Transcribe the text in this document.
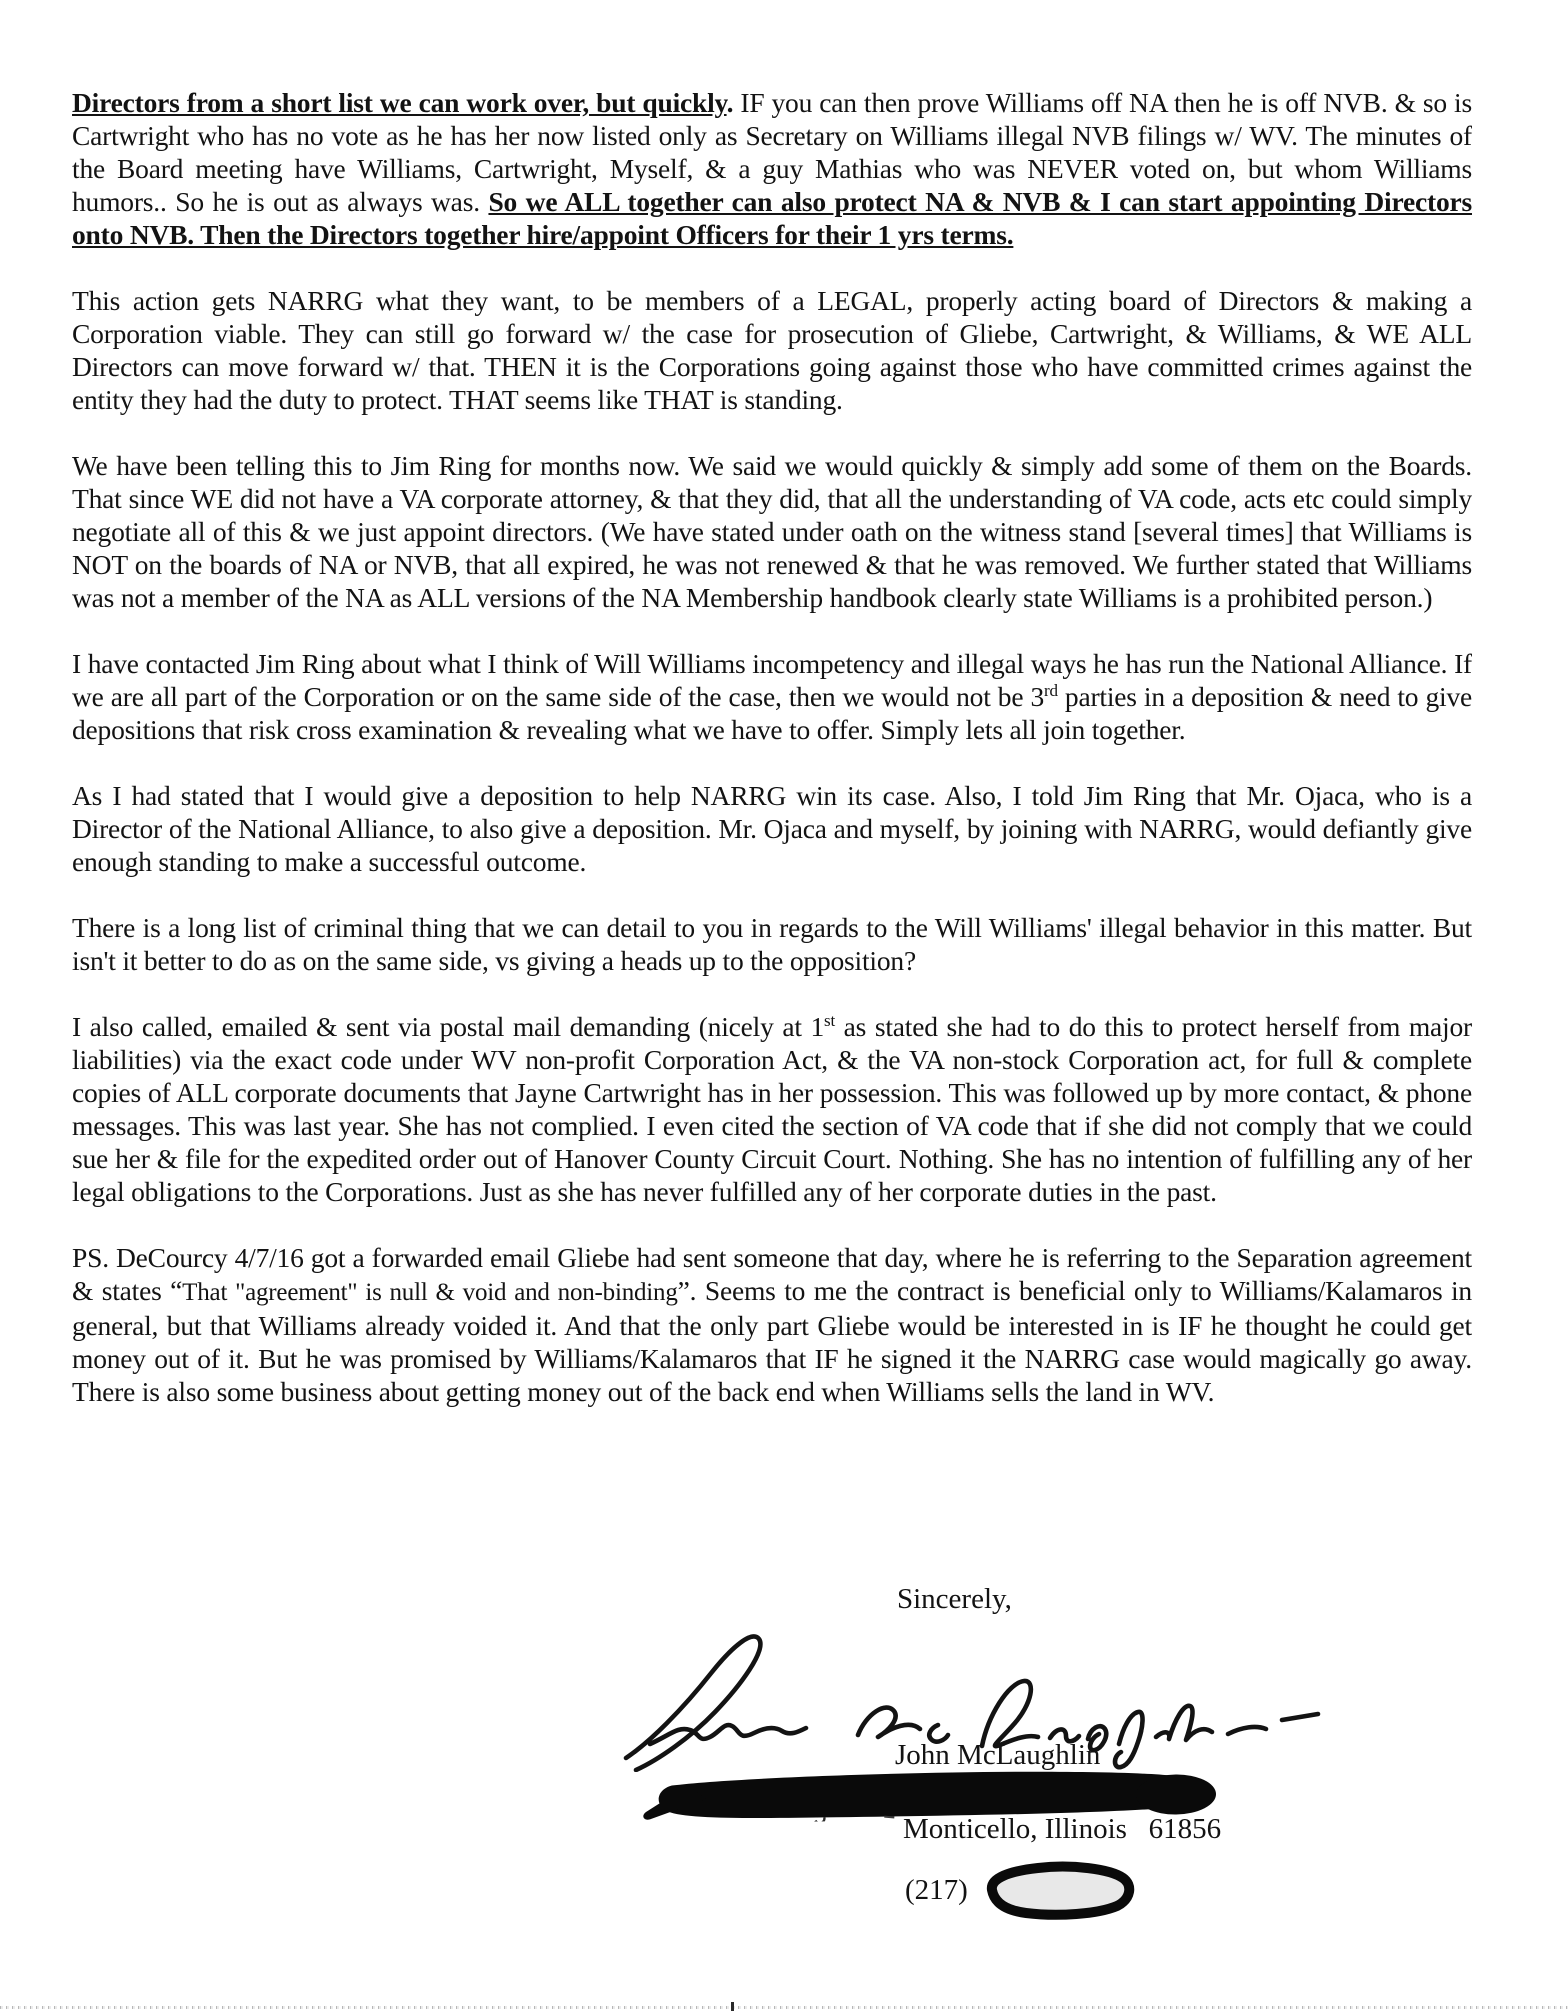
Directors from a short list we can work over, but quickly. IF you can then prove Williams off NA then he is off NVB. & so is Cartwright who has no vote as he has her now listed only as Secretary on Williams illegal NVB filings w/ WV. The minutes of the Board meeting have Williams, Cartwright, Myself, & a guy Mathias who was NEVER voted on, but whom Williams humors.. So he is out as always was. So we ALL together can also protect NA & NVB & I can start appointing Directors onto NVB. Then the Directors together hire/appoint Officers for their 1 yrs terms.

This action gets NARRG what they want, to be members of a LEGAL, properly acting board of Directors & making a Corporation viable. They can still go forward w/ the case for prosecution of Gliebe, Cartwright, & Williams, & WE ALL Directors can move forward w/ that. THEN it is the Corporations going against those who have committed crimes against the entity they had the duty to protect. THAT seems like THAT is standing.

We have been telling this to Jim Ring for months now. We said we would quickly & simply add some of them on the Boards. That since WE did not have a VA corporate attorney, & that they did, that all the understanding of VA code, acts etc could simply negotiate all of this & we just appoint directors. (We have stated under oath on the witness stand [several times] that Williams is NOT on the boards of NA or NVB, that all expired, he was not renewed & that he was removed. We further stated that Williams was not a member of the NA as ALL versions of the NA Membership handbook clearly state Williams is a prohibited person.)

I have contacted Jim Ring about what I think of Will Williams incompetency and illegal ways he has run the National Alliance. If we are all part of the Corporation or on the same side of the case, then we would not be 3rd parties in a deposition & need to give depositions that risk cross examination & revealing what we have to offer. Simply lets all join together.

As I had stated that I would give a deposition to help NARRG win its case. Also, I told Jim Ring that Mr. Ojaca, who is a Director of the National Alliance, to also give a deposition. Mr. Ojaca and myself, by joining with NARRG, would defiantly give enough standing to make a successful outcome.

There is a long list of criminal thing that we can detail to you in regards to the Will Williams' illegal behavior in this matter. But isn't it better to do as on the same side, vs giving a heads up to the opposition?

I also called, emailed & sent via postal mail demanding (nicely at 1st as stated she had to do this to protect herself from major liabilities) via the exact code under WV non-profit Corporation Act, & the VA non-stock Corporation act, for full & complete copies of ALL corporate documents that Jayne Cartwright has in her possession. This was followed up by more contact, & phone messages. This was last year. She has not complied. I even cited the section of VA code that if she did not comply that we could sue her & file for the expedited order out of Hanover County Circuit Court. Nothing. She has no intention of fulfilling any of her legal obligations to the Corporations. Just as she has never fulfilled any of her corporate duties in the past.

PS. DeCourcy 4/7/16 got a forwarded email Gliebe had sent someone that day, where he is referring to the Separation agreement & states “That "agreement" is null & void and non-binding”. Seems to me the contract is beneficial only to Williams/Kalamaros in general, but that Williams already voided it. And that the only part Gliebe would be interested in is IF he thought he could get money out of it. But he was promised by Williams/Kalamaros that IF he signed it the NARRG case would magically go away. There is also some business about getting money out of the back end when Williams sells the land in WV.

Sincerely,
John McLaughlin
Monticello, Illinois   61856
(217)
